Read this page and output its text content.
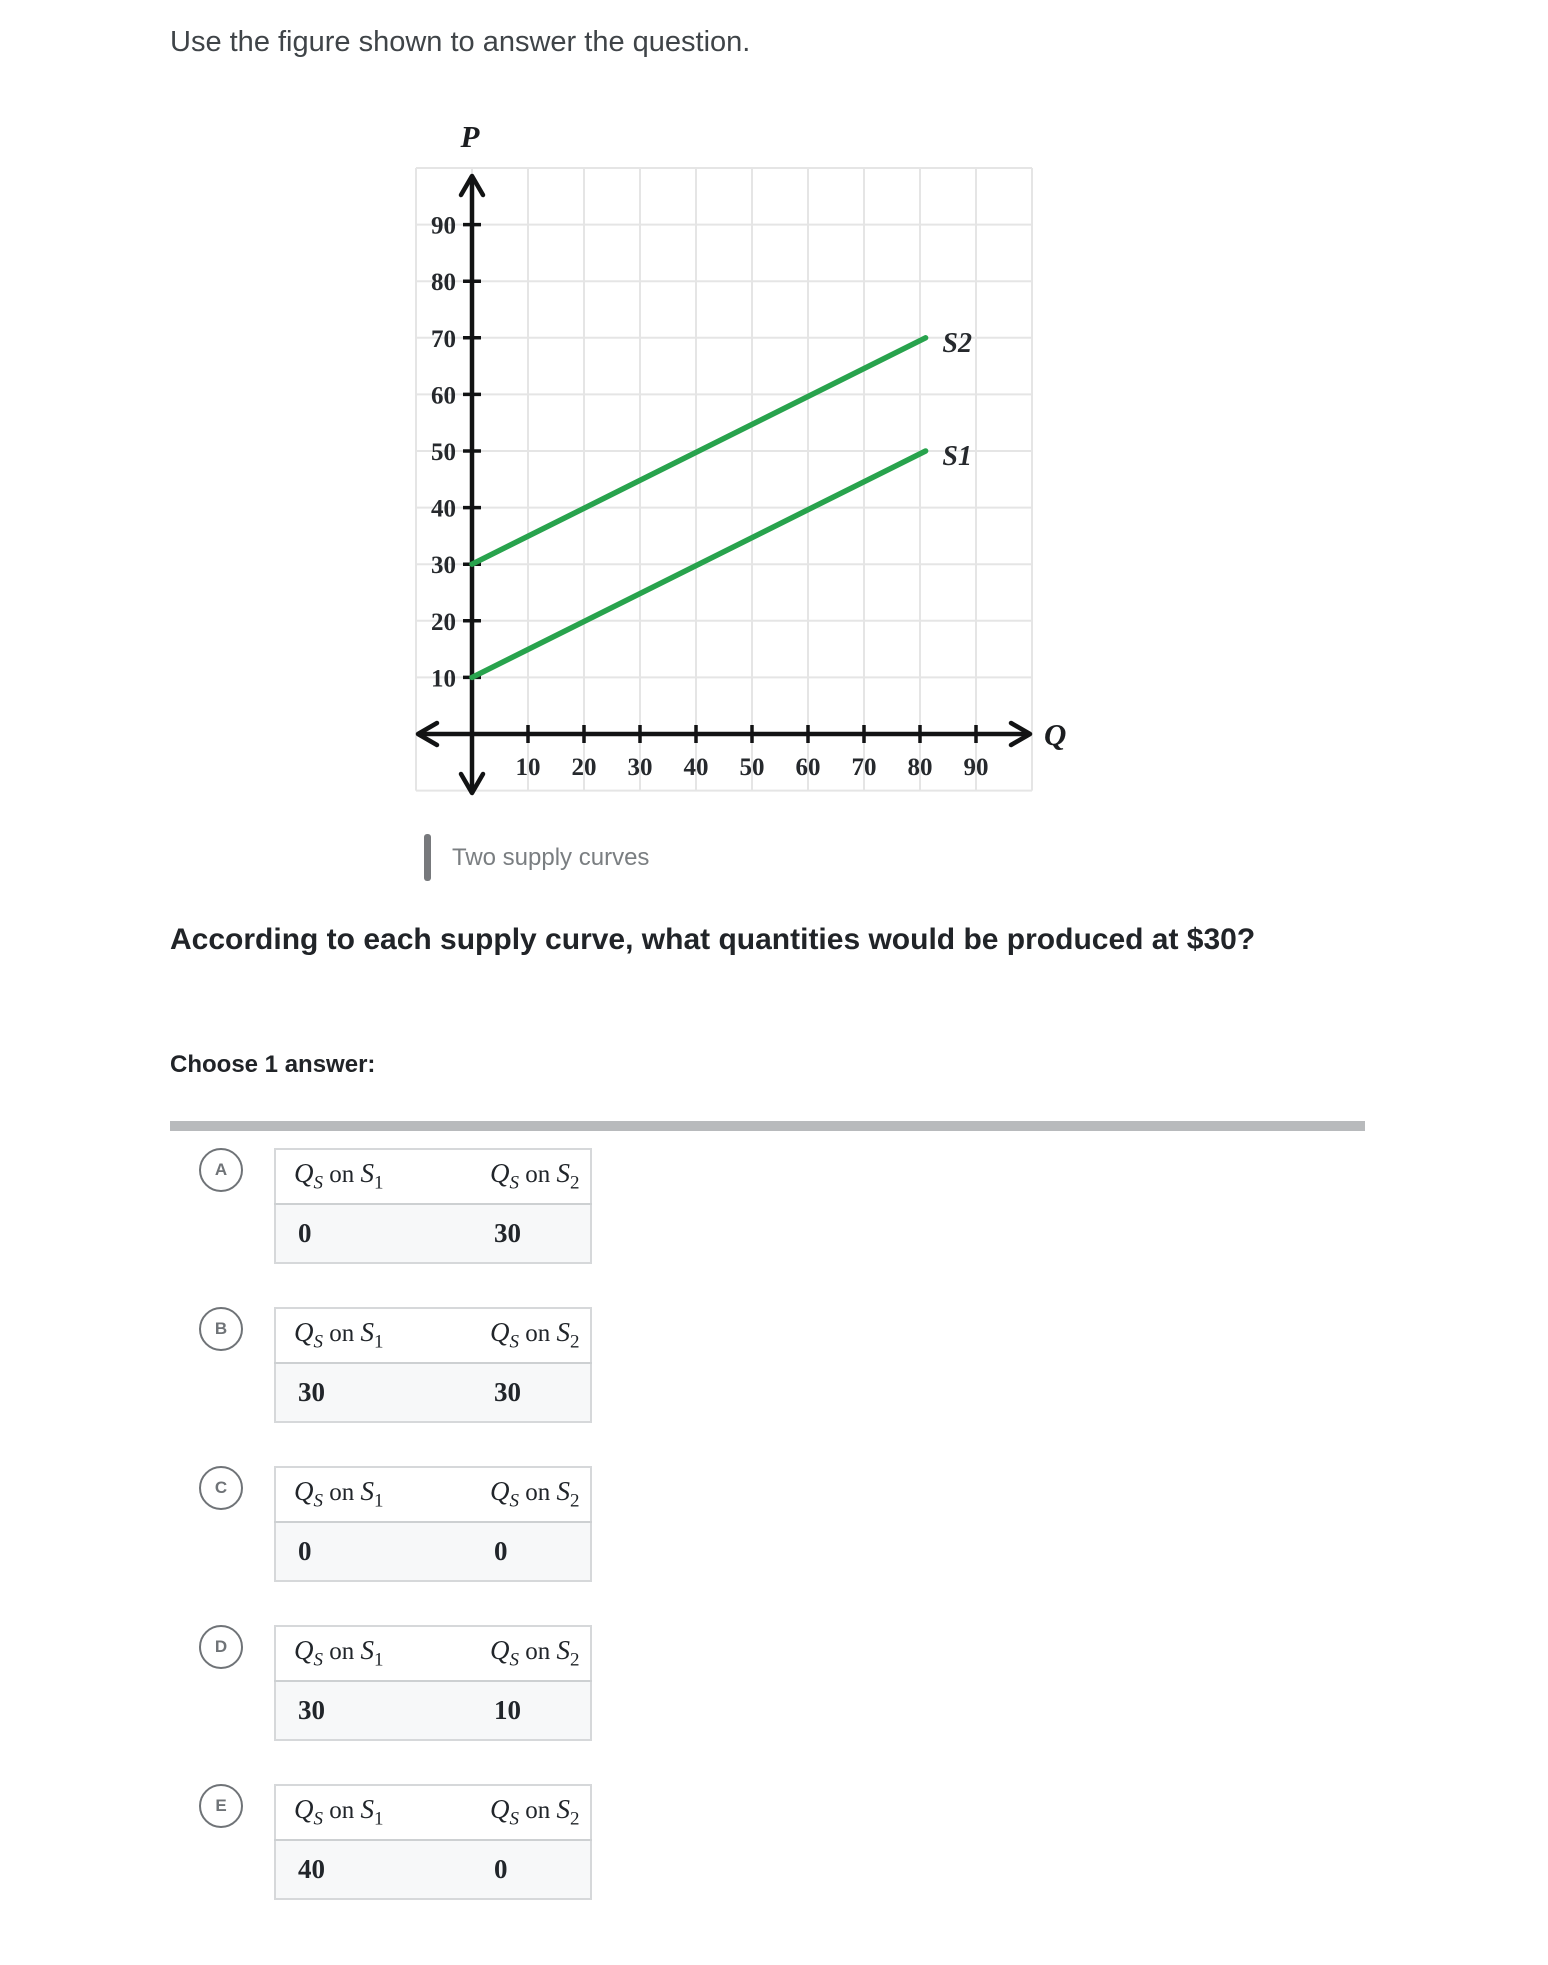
Use the figure shown to answer the question.
10 20 30 40 50 60 70 80 90
10
20
30
40
50
60
70
80
90
P
Q
S2
S1
Two supply curves
According to each supply curve, what quantities would be produced at $30?
Choose 1 answer:
A $Q_S$ on $S_1$	$Q_S$ on $S_2$
0	30
B $Q_S$ on $S_1$	$Q_S$ on $S_2$
30	30
C $Q_S$ on $S_1$	$Q_S$ on $S_2$
0	0
D $Q_S$ on $S_1$	$Q_S$ on $S_2$
30	10
E $Q_S$ on $S_1$	$Q_S$ on $S_2$
40	0
